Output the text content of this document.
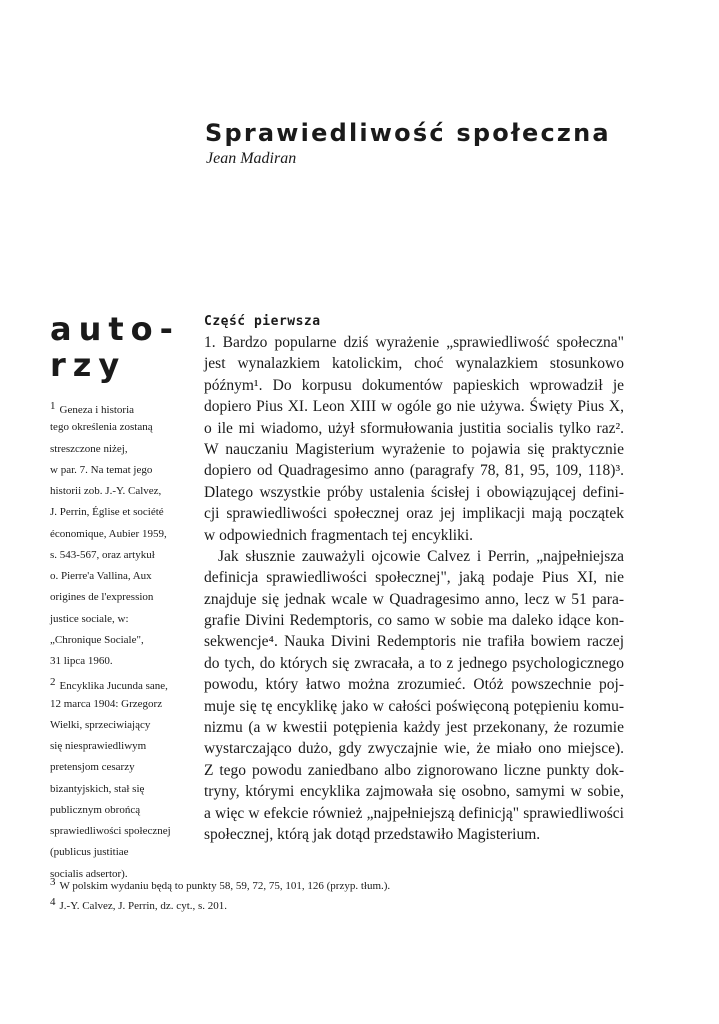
Sprawiedliwość społeczna
Jean Madiran
auto-
rzy
1 Geneza i historia
tego określenia zostaną
streszczone niżej,
w par. 7. Na temat jego
historii zob. J.-Y. Calvez,
J. Perrin, Église et société
économique, Aubier 1959,
s. 543-567, oraz artykuł
o. Pierre'a Vallina, Aux
origines de l'expression
justice sociale, w:
„Chronique Sociale",
31 lipca 1960.
2 Encyklika Jucunda sane,
12 marca 1904: Grzegorz
Wielki, sprzeciwiający
się niesprawiedliwym
pretensjom cesarzy
bizantyjskich, stał się
publicznym obrońcą
sprawiedliwości społecznej
(publicus justitiae
socialis adsertor).
Część pierwsza
1. Bardzo popularne dziś wyrażenie „sprawiedliwość społeczna"
jest wynalazkiem katolickim, choć wynalazkiem stosunkowo
późnym¹. Do korpusu dokumentów papieskich wprowadził je
dopiero Pius XI. Leon XIII w ogóle go nie używa. Święty Pius X,
o ile mi wiadomo, użył sformułowania justitia socialis tylko raz².
W nauczaniu Magisterium wyrażenie to pojawia się praktycznie
dopiero od Quadragesimo anno (paragrafy 78, 81, 95, 109, 118)³.
Dlatego wszystkie próby ustalenia ścisłej i obowiązującej defini-
cji sprawiedliwości społecznej oraz jej implikacji mają początek
w odpowiednich fragmentach tej encykliki.
Jak słusznie zauważyli ojcowie Calvez i Perrin, „najpełniejsza
definicja sprawiedliwości społecznej", jaką podaje Pius XI, nie
znajduje się jednak wcale w Quadragesimo anno, lecz w 51 para-
grafie Divini Redemptoris, co samo w sobie ma daleko idące kon-
sekwencje⁴. Nauka Divini Redemptoris nie trafiła bowiem raczej
do tych, do których się zwracała, a to z jednego psychologicznego
powodu, który łatwo można zrozumieć. Otóż powszechnie poj-
muje się tę encyklikę jako w całości poświęconą potępieniu komu-
nizmu (a w kwestii potępienia każdy jest przekonany, że rozumie
wystarczająco dużo, gdy zwyczajnie wie, że miało ono miejsce).
Z tego powodu zaniedbano albo zignorowano liczne punkty dok-
tryny, którymi encyklika zajmowała się osobno, samymi w sobie,
a więc w efekcie również „najpełniejszą definicją" sprawiedliwości
społecznej, którą jak dotąd przedstawiło Magisterium.
3 W polskim wydaniu będą to punkty 58, 59, 72, 75, 101, 126 (przyp. tłum.).
4 J.-Y. Calvez, J. Perrin, dz. cyt., s. 201.
